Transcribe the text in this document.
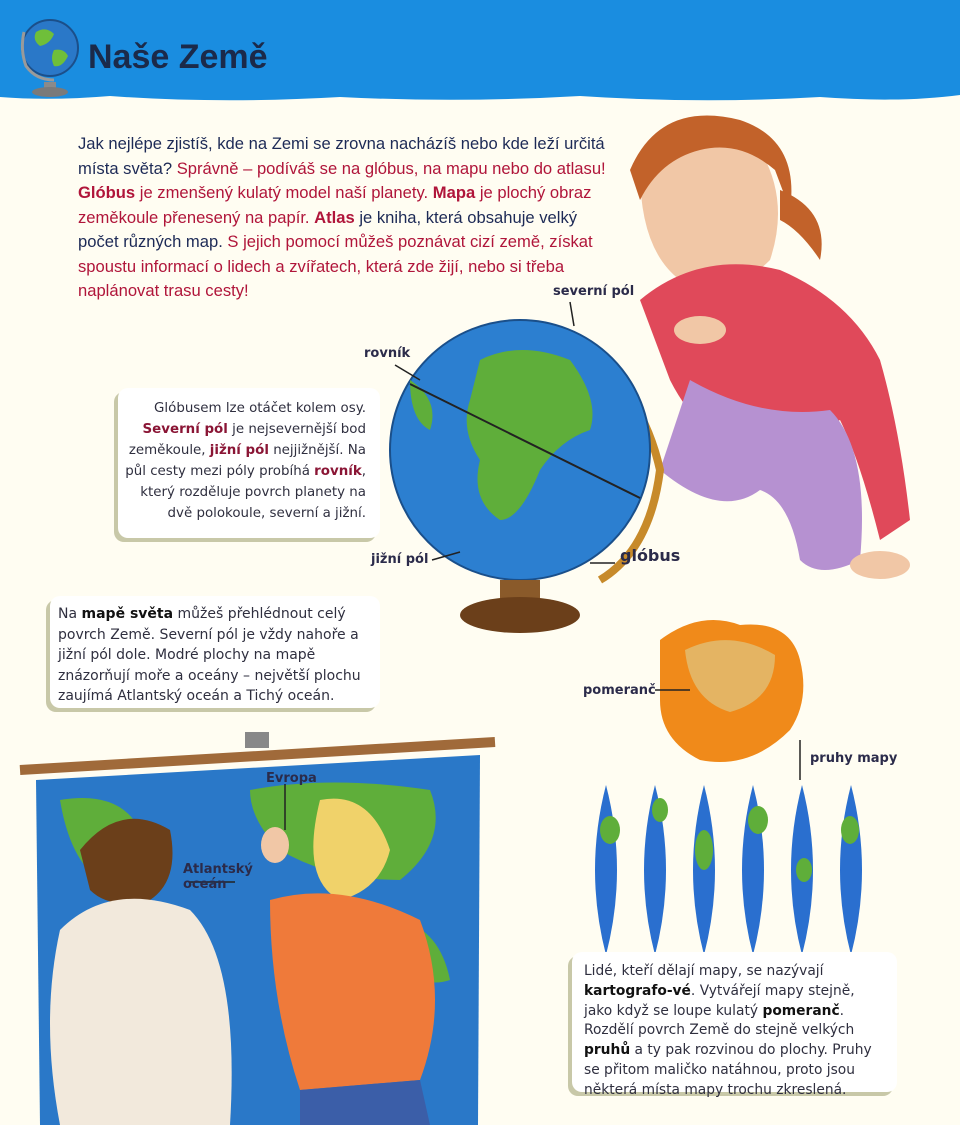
Naše Země
Jak nejlépe zjistíš, kde na Zemi se zrovna nacházíš nebo kde leží určitá místa světa? Správně – podíváš se na glóbus, na mapu nebo do atlasu! Glóbus je zmenšený kulatý model naší planety. Mapa je plochý obraz zeměkoule přenesený na papír. Atlas je kniha, která obsahuje velký počet různých map. S jejich pomocí můžeš poznávat cizí země, získat spoustu informací o lidech a zvířatech, která zde žijí, nebo si třeba naplánovat trasu cesty!	severní pól
rovník
jižní pól	glóbus
pomeranč
pruhy mapy
Evropa
Atlantský oceán
Glóbusem lze otáčet kolem osy. Severní pól je nejsevernější bod zeměkoule, jižní pól nejjižnější. Na půl cesty mezi póly probíhá rovník, který rozděluje povrch planety na dvě polokoule, severní a jižní.
Na mapě světa můžeš přehlédnout celý povrch Země. Severní pól je vždy nahoře a jižní pól dole. Modré plochy na mapě znázorňují moře a oceány – největší plochu zaujímá Atlantský oceán a Tichý oceán.
Lidé, kteří dělají mapy, se nazývají kartografo-vé. Vytvářejí mapy stejně, jako když se loupe kulatý pomeranč. Rozdělí povrch Země do stejně velkých pruhů a ty pak rozvinou do plochy. Pruhy se přitom maličko natáhnou, proto jsou některá místa mapy trochu zkreslená.
